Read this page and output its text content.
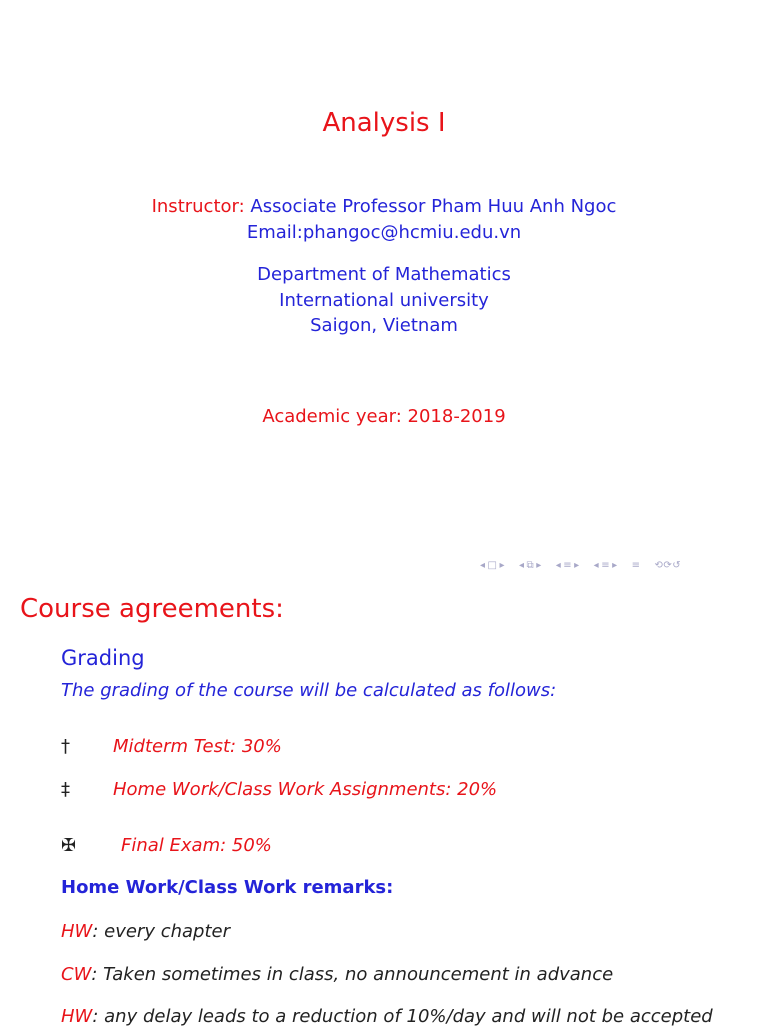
Analysis I
Instructor: Associate Professor Pham Huu Anh Ngoc
Email:phangoc@hcmiu.edu.vn
Department of Mathematics
International university
Saigon, Vietnam
Academic year: 2018-2019
◂ □ ▸ ◂ ⧉ ▸ ◂ ≡ ▸ ◂ ≡ ▸ ≡ ⟲⟳↺
Course agreements:
Grading
The grading of the course will be calculated as follows:
† Midterm Test: 30%
‡ Home Work/Class Work Assignments: 20%
✠ Final Exam: 50%
Home Work/Class Work remarks:
HW: every chapter
CW: Taken sometimes in class, no announcement in advance
HW: any delay leads to a reduction of 10%/day and will not be accepted
